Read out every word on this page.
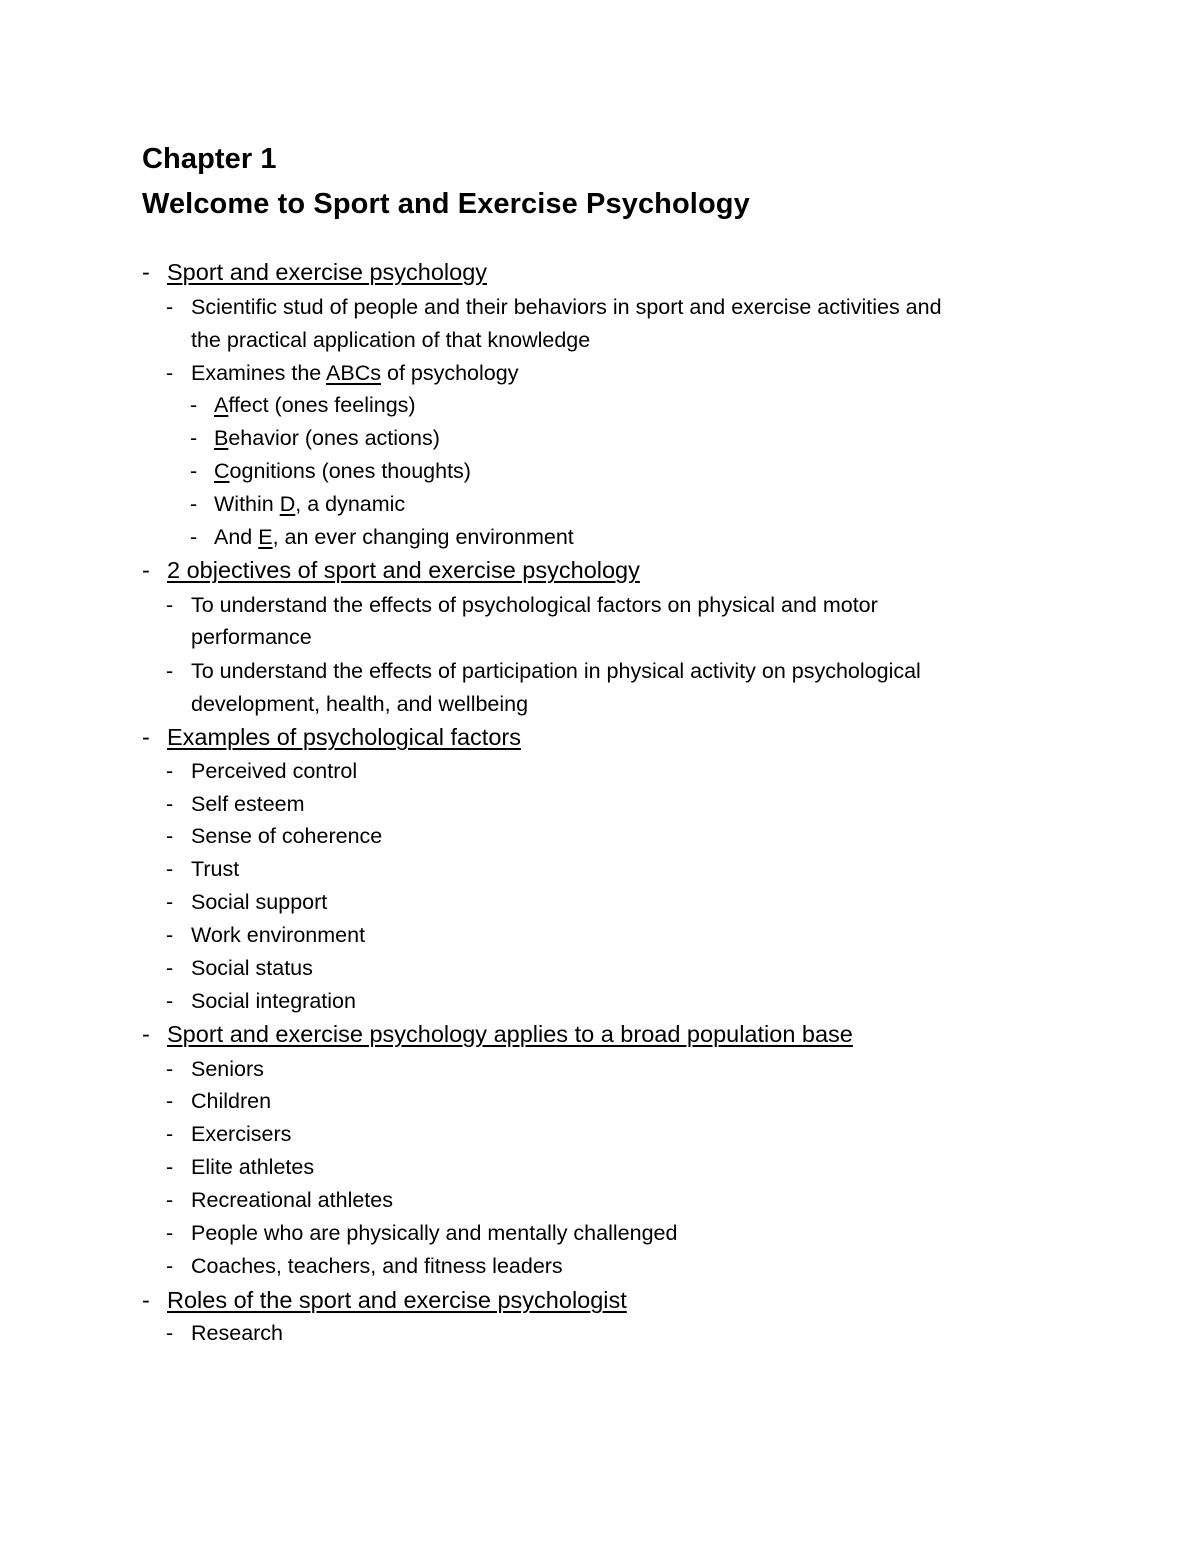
Chapter 1
Welcome to Sport and Exercise Psychology
- Sport and exercise psychology
- Scientific stud of people and their behaviors in sport and exercise activities and
the practical application of that knowledge
- Examines the ABCs of psychology
- Affect (ones feelings)
- Behavior (ones actions)
- Cognitions (ones thoughts)
- Within D, a dynamic
- And E, an ever changing environment
- 2 objectives of sport and exercise psychology
- To understand the effects of psychological factors on physical and motor
performance
- To understand the effects of participation in physical activity on psychological
development, health, and wellbeing
- Examples of psychological factors
- Perceived control
- Self esteem
- Sense of coherence
- Trust
- Social support
- Work environment
- Social status
- Social integration
- Sport and exercise psychology applies to a broad population base
- Seniors
- Children
- Exercisers
- Elite athletes
- Recreational athletes
- People who are physically and mentally challenged
- Coaches, teachers, and fitness leaders
- Roles of the sport and exercise psychologist
- Research
